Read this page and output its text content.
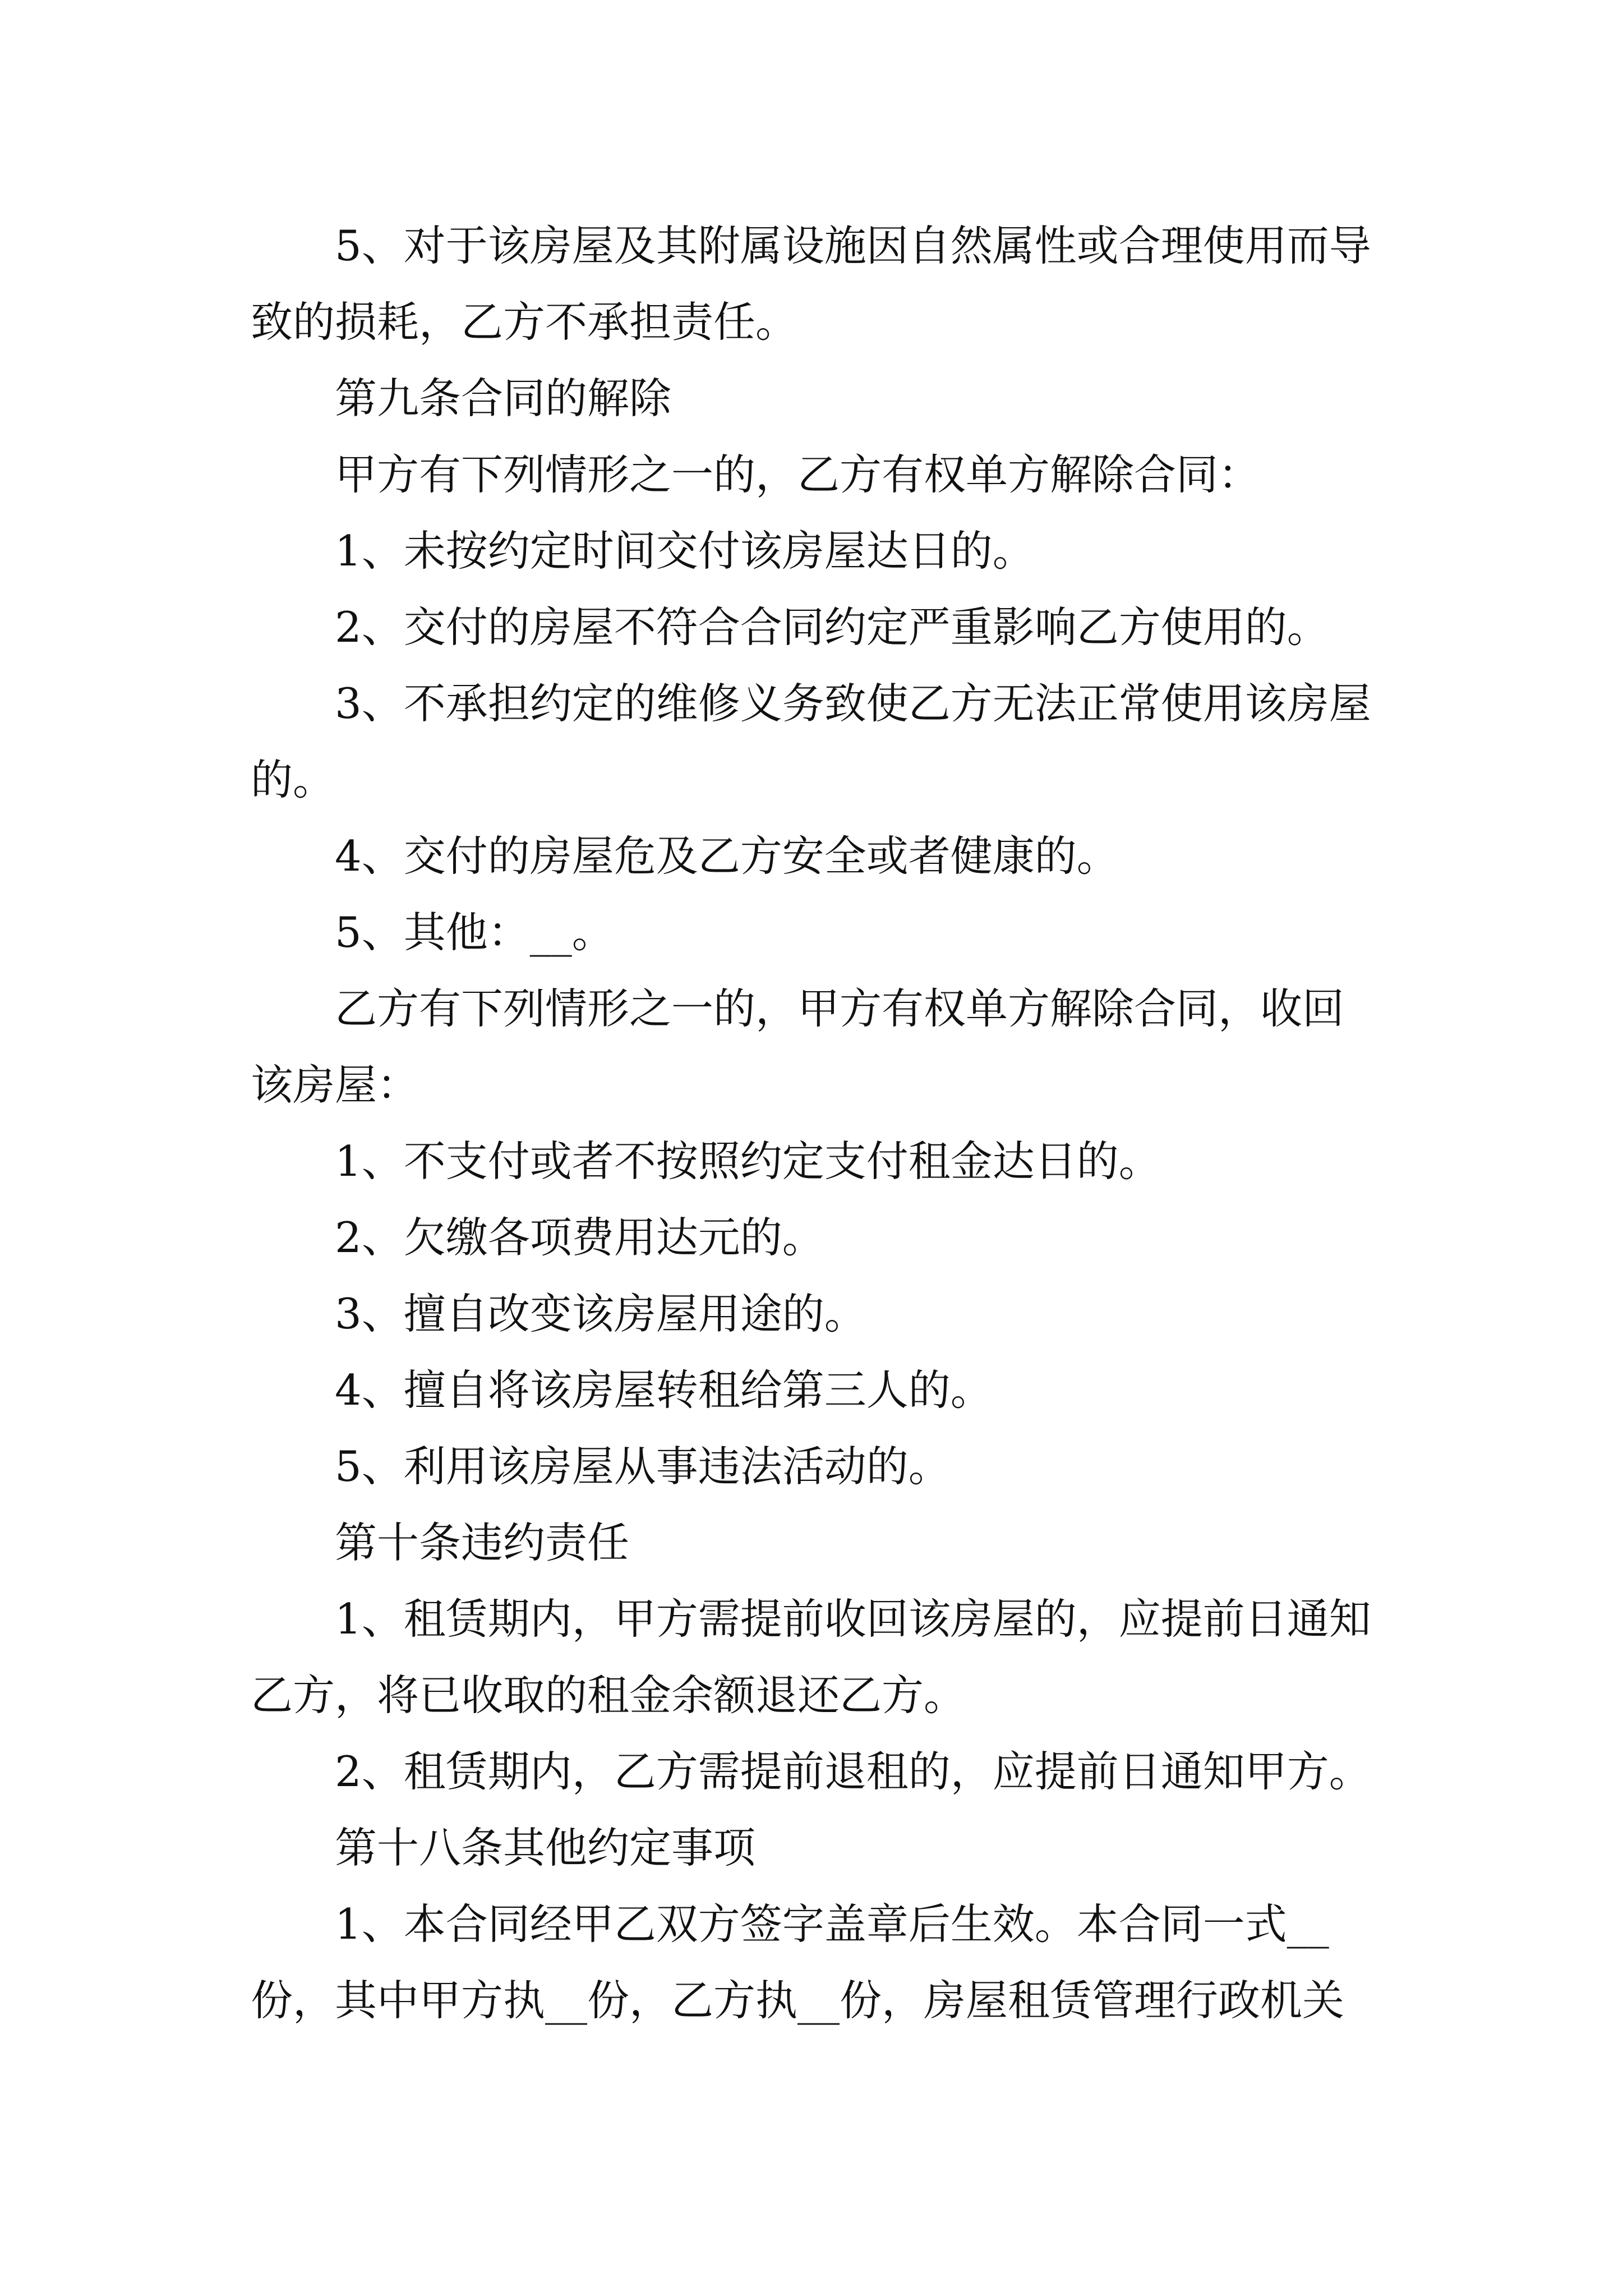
5、对于该房屋及其附属设施因自然属性或合理使用而导致的损耗，乙方不承担责任。

第九条合同的解除

甲方有下列情形之一的，乙方有权单方解除合同：

1、未按约定时间交付该房屋达日的。

2、交付的房屋不符合合同约定严重影响乙方使用的。

3、不承担约定的维修义务致使乙方无法正常使用该房屋的。

4、交付的房屋危及乙方安全或者健康的。

5、其他：__。

乙方有下列情形之一的，甲方有权单方解除合同，收回该房屋：

1、不支付或者不按照约定支付租金达日的。

2、欠缴各项费用达元的。

3、擅自改变该房屋用途的。

4、擅自将该房屋转租给第三人的。

5、利用该房屋从事违法活动的。

第十条违约责任

1、租赁期内，甲方需提前收回该房屋的，应提前日通知乙方，将已收取的租金余额退还乙方。

2、租赁期内，乙方需提前退租的，应提前日通知甲方。

第十八条其他约定事项

1、本合同经甲乙双方签字盖章后生效。本合同一式__份，其中甲方执__份，乙方执__份，房屋租赁管理行政机关
